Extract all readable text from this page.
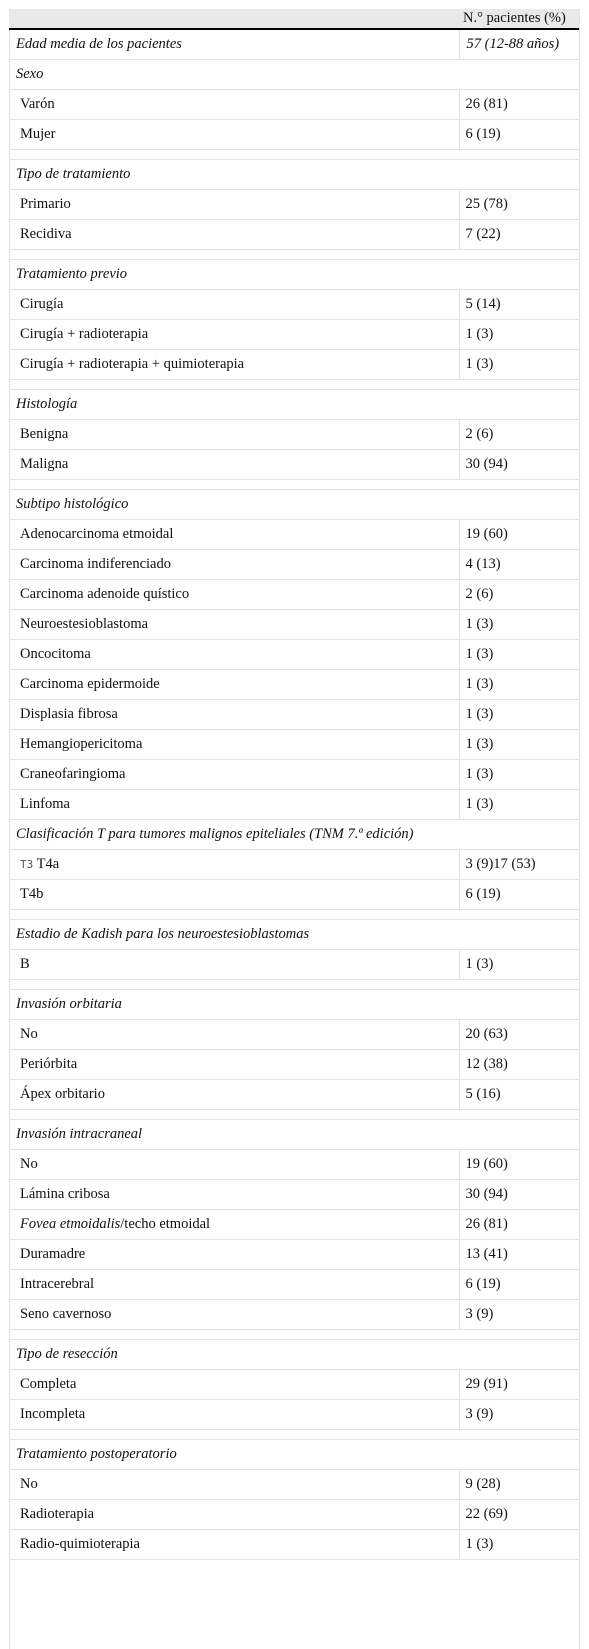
	N.° pacientes (%)
Edad media de los pacientes	57 (12-88 años)
Sexo	
Varón	26 (81)
Mujer	6 (19)

Tipo de tratamiento	
Primario	25 (78)
Recidiva	7 (22)

Tratamiento previo	
Cirugía	5 (14)
Cirugía + radioterapia	1 (3)
Cirugía + radioterapia + quimioterapia	1 (3)

Histología	
Benigna	2 (6)
Maligna	30 (94)

Subtipo histológico	
Adenocarcinoma etmoidal	19 (60)
Carcinoma indiferenciado	4 (13)
Carcinoma adenoide quístico	2 (6)
Neuroestesioblastoma	1 (3)
Oncocitoma	1 (3)
Carcinoma epidermoide	1 (3)
Displasia fibrosa	1 (3)
Hemangiopericitoma	1 (3)
Craneofaringioma	1 (3)
Linfoma	1 (3)
Clasificación T para tumores malignos epiteliales (TNM 7.ª edición)	
T3 T4a	3 (9)17 (53)
T4b	6 (19)

Estadio de Kadish para los neuroestesioblastomas	
B	1 (3)

Invasión orbitaria	
No	20 (63)
Periórbita	12 (38)
Ápex orbitario	5 (16)

Invasión intracraneal	
No	19 (60)
Lámina cribosa	30 (94)
Fovea etmoidalis/techo etmoidal	26 (81)
Duramadre	13 (41)
Intracerebral	6 (19)
Seno cavernoso	3 (9)

Tipo de resección	
Completa	29 (91)
Incompleta	3 (9)

Tratamiento postoperatorio	
No	9 (28)
Radioterapia	22 (69)
Radio-quimioterapia	1 (3)
